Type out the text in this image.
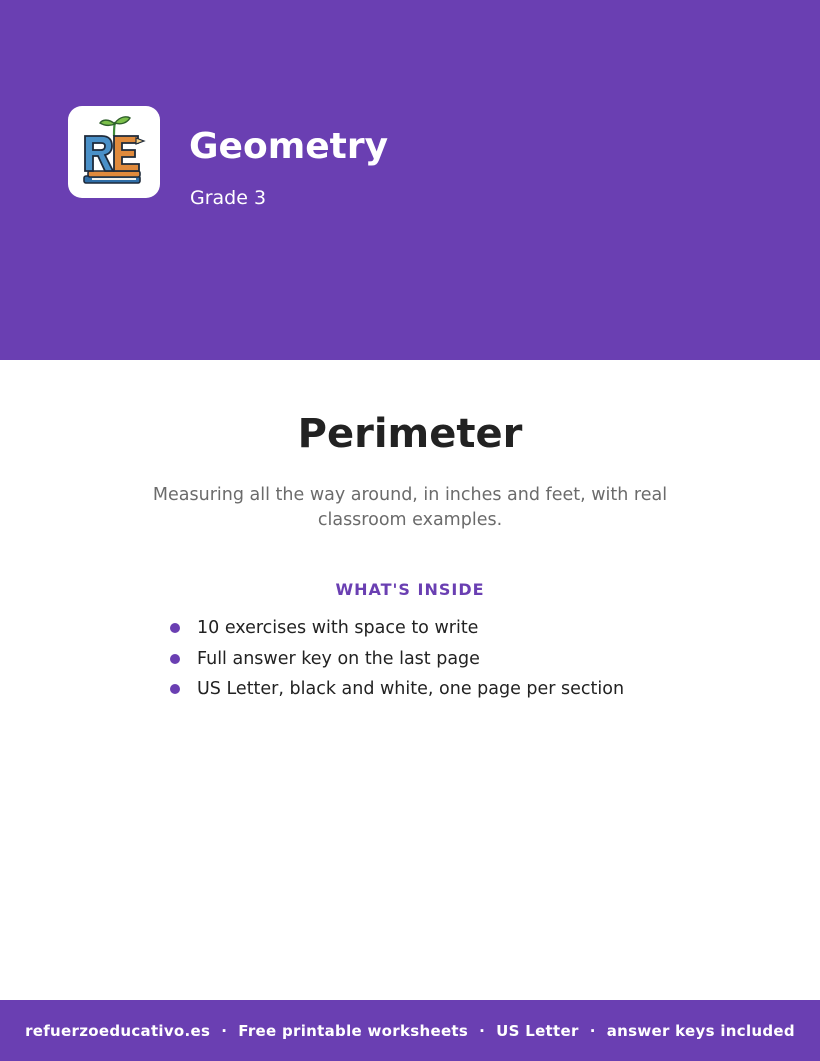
Geometry
Grade 3
Perimeter

Measuring all the way around, in inches and feet, with real classroom examples.

WHAT'S INSIDE
10 exercises with space to write
Full answer key on the last page
US Letter, black and white, one page per section
refuerzoeducativo.es · Free printable worksheets · US Letter · answer keys included
